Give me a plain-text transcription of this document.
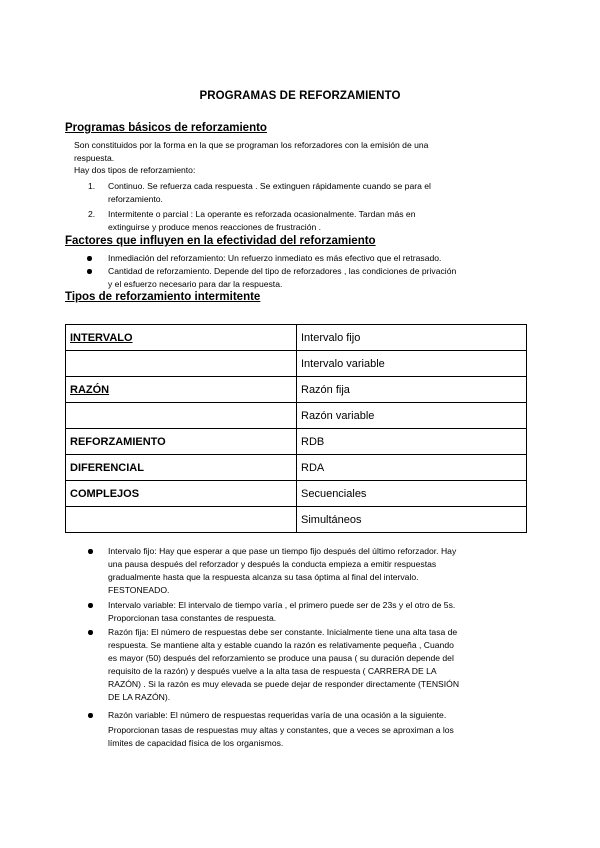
PROGRAMAS DE REFORZAMIENTO
Programas básicos de reforzamiento
Son constituidos por la forma en la que se programan los reforzadores con la emisión de una
respuesta.
Hay dos tipos de reforzamiento:
1. Continuo. Se refuerza cada respuesta . Se extinguen rápidamente cuando se para el
reforzamiento.
2. Intermitente o parcial : La operante es reforzada ocasionalmente. Tardan más en
extinguirse y produce menos reacciones de frustración .
Factores que influyen en la efectividad del reforzamiento
Inmediación del reforzamiento: Un refuerzo inmediato es más efectivo que el retrasado.
Cantidad de reforzamiento. Depende del tipo de reforzadores , las condiciones de privación
y el esfuerzo necesario para dar la respuesta.
Tipos de reforzamiento intermitente
INTERVALO	Intervalo fijo
	Intervalo variable
RAZÓN	Razón fija
	Razón variable
REFORZAMIENTO	RDB
DIFERENCIAL	RDA
COMPLEJOS	Secuenciales
	Simultáneos
Intervalo fijo: Hay que esperar a que pase un tiempo fijo después del último reforzador. Hay
una pausa después del reforzador y después la conducta empieza a emitir respuestas
gradualmente hasta que la respuesta alcanza su tasa óptima al final del intervalo.
FESTONEADO.
Intervalo variable: El intervalo de tiempo varía , el primero puede ser de 23s y el otro de 5s.
Proporcionan tasa constantes de respuesta.
Razón fija: El número de respuestas debe ser constante. Inicialmente tiene una alta tasa de
respuesta. Se mantiene alta y estable cuando la razón es relativamente pequeña , Cuando
es mayor (50) después del reforzamiento se produce una pausa ( su duración depende del
requisito de la razón) y después vuelve a la alta tasa de respuesta ( CARRERA DE LA
RAZÓN) . Si la razón es muy elevada se puede dejar de responder directamente (TENSIÓN
DE LA RAZÓN).
Razón variable: El número de respuestas requeridas varía de una ocasión a la siguiente.
Proporcionan tasas de respuestas muy altas y constantes, que a veces se aproximan a los
límites de capacidad física de los organismos.
